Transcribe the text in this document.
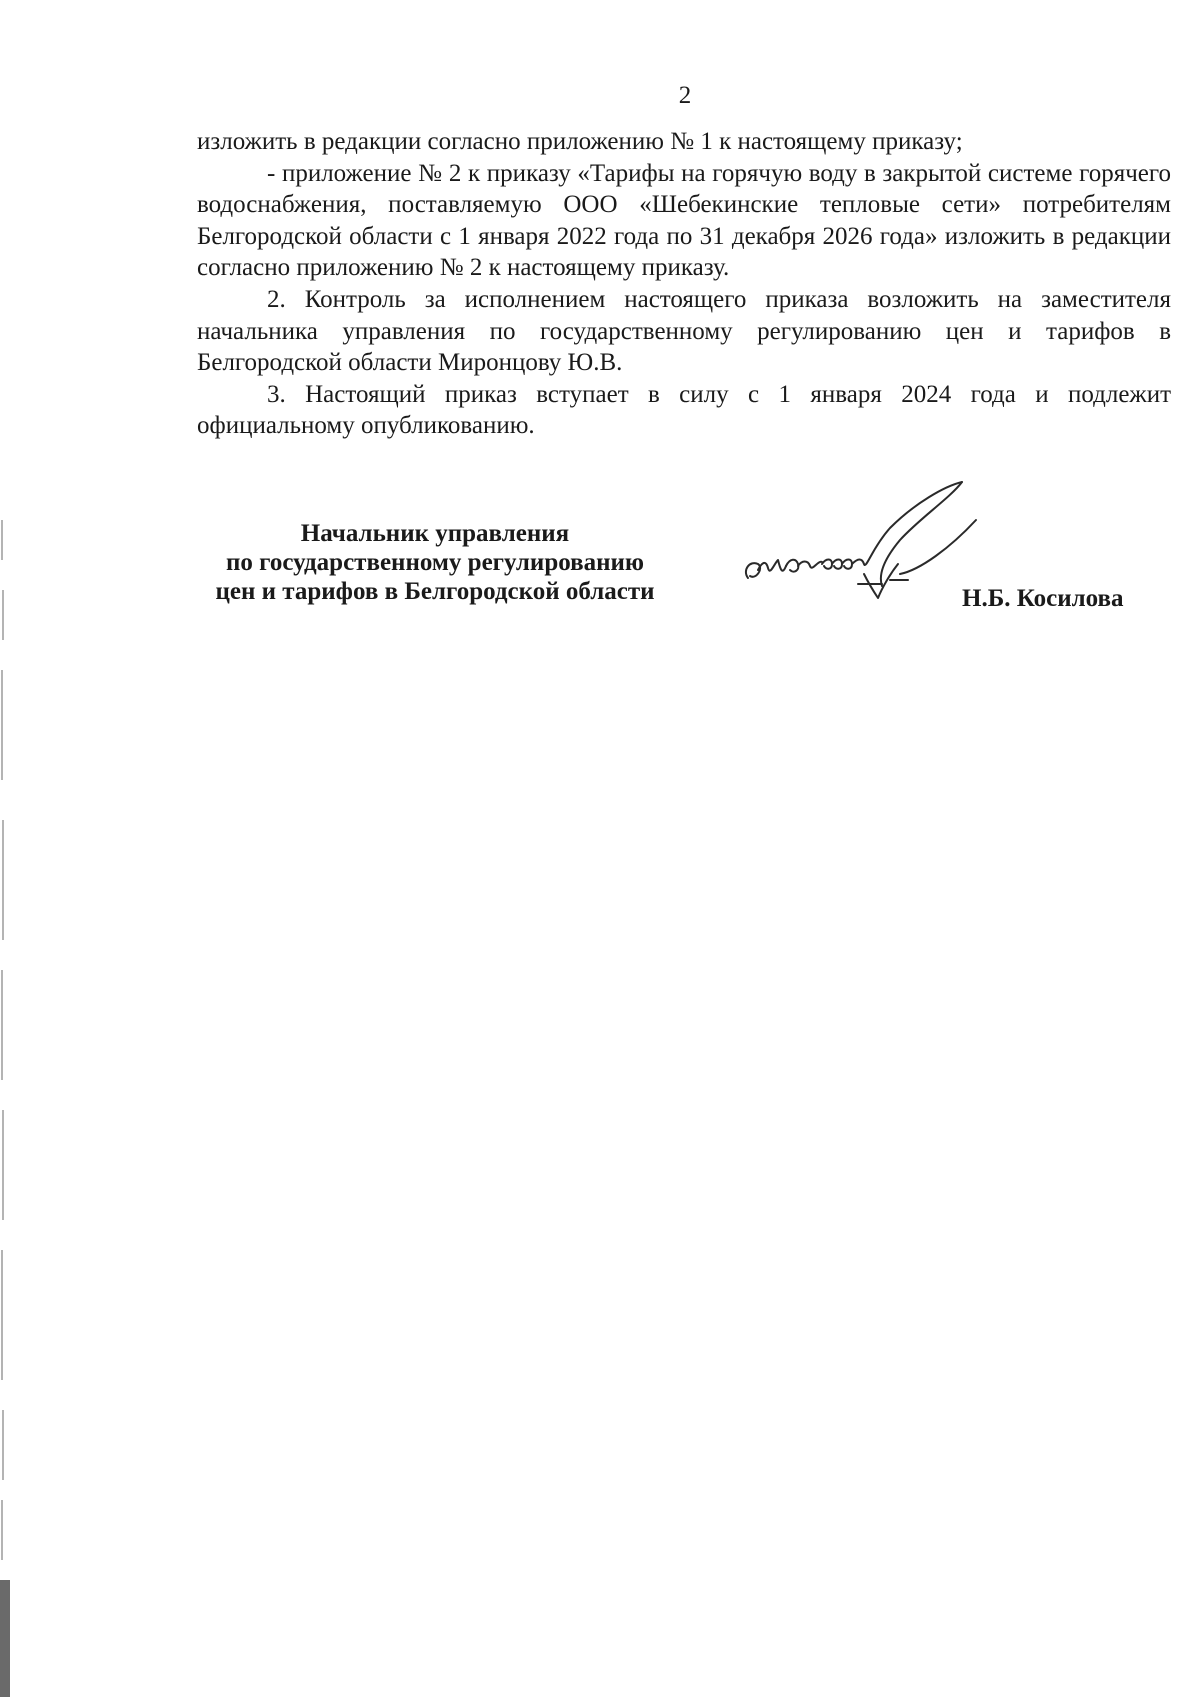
2

изложить в редакции согласно приложению № 1 к настоящему приказу;

- приложение № 2 к приказу «Тарифы на горячую воду в закрытой системе горячего водоснабжения, поставляемую ООО «Шебекинские тепловые сети» потребителям Белгородской области с 1 января 2022 года по 31 декабря 2026 года» изложить в редакции согласно приложению № 2 к настоящему приказу.

2. Контроль за исполнением настоящего приказа возложить на заместителя начальника управления по государственному регулированию цен и тарифов в Белгородской области Миронцову Ю.В.

3. Настоящий приказ вступает в силу с 1 января 2024 года и подлежит официальному опубликованию.

Начальник управления
по государственному регулированию
цен и тарифов в Белгородской области	Н.Б. Косилова
